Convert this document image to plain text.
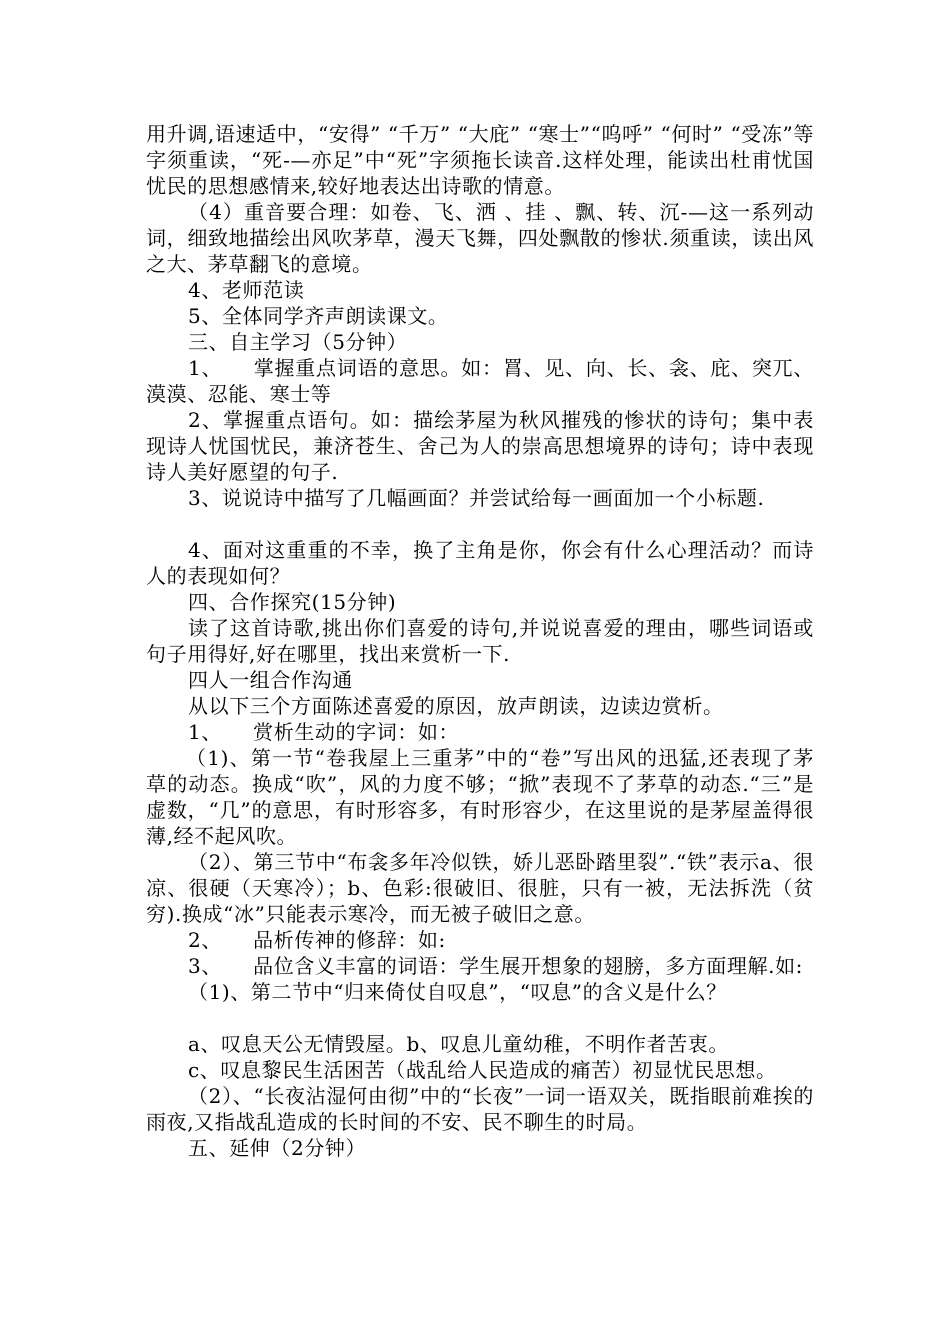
用升调,语速适中，“安得” “千万” “大庇” “寒士”“呜呼” “何时” “受冻”等字须重读，“死-—亦足”中“死”字须拖长读音.这样处理，能读出杜甫忧国忧民的思想感情来,较好地表达出诗歌的情意。

（4）重音要合理：如卷、飞、洒 、挂 、飘、转、沉-—这一系列动词，细致地描绘出风吹茅草，漫天飞舞，四处飘散的惨状.须重读，读出风之大、茅草翻飞的意境。

4、老师范读

5、全体同学齐声朗读课文。

三、自主学习（5分钟）

1、　　掌握重点词语的意思。如：罥、见、向、长、衾、庇、突兀、漠漠、忍能、寒士等

2、掌握重点语句。如：描绘茅屋为秋风摧残的惨状的诗句；集中表现诗人忧国忧民，兼济苍生、舍己为人的崇高思想境界的诗句；诗中表现诗人美好愿望的句子.

3、说说诗中描写了几幅画面？并尝试给每一画面加一个小标题.

4、面对这重重的不幸，换了主角是你，你会有什么心理活动？而诗人的表现如何？

四、合作探究(15分钟)

读了这首诗歌,挑出你们喜爱的诗句,并说说喜爱的理由，哪些词语或句子用得好,好在哪里，找出来赏析一下.

四人一组合作沟通

从以下三个方面陈述喜爱的原因，放声朗读，边读边赏析。

1、　　赏析生动的字词：如：

（1)、第一节“卷我屋上三重茅”中的“卷”写出风的迅猛,还表现了茅草的动态。换成“吹”，风的力度不够；“掀”表现不了茅草的动态.“三”是虚数，“几”的意思，有时形容多，有时形容少，在这里说的是茅屋盖得很薄,经不起风吹。

（2）、第三节中“布衾多年冷似铁，娇儿恶卧踏里裂”.“铁”表示a、很凉、很硬（天寒冷）；b、色彩:很破旧、很脏，只有一被，无法拆洗（贫穷).换成“冰”只能表示寒冷，而无被子破旧之意。

2、　　品析传神的修辞：如:

3、　　品位含义丰富的词语：学生展开想象的翅膀，多方面理解.如:

（1)、第二节中“归来倚仗自叹息”，“叹息”的含义是什么？

a、叹息天公无情毁屋。b、叹息儿童幼稚，不明作者苦衷。

c、叹息黎民生活困苦（战乱给人民造成的痛苦）初显忧民思想。

（2）、“长夜沾湿何由彻”中的“长夜”一词一语双关，既指眼前难挨的雨夜,又指战乱造成的长时间的不安、民不聊生的时局。

五、延伸（2分钟）
